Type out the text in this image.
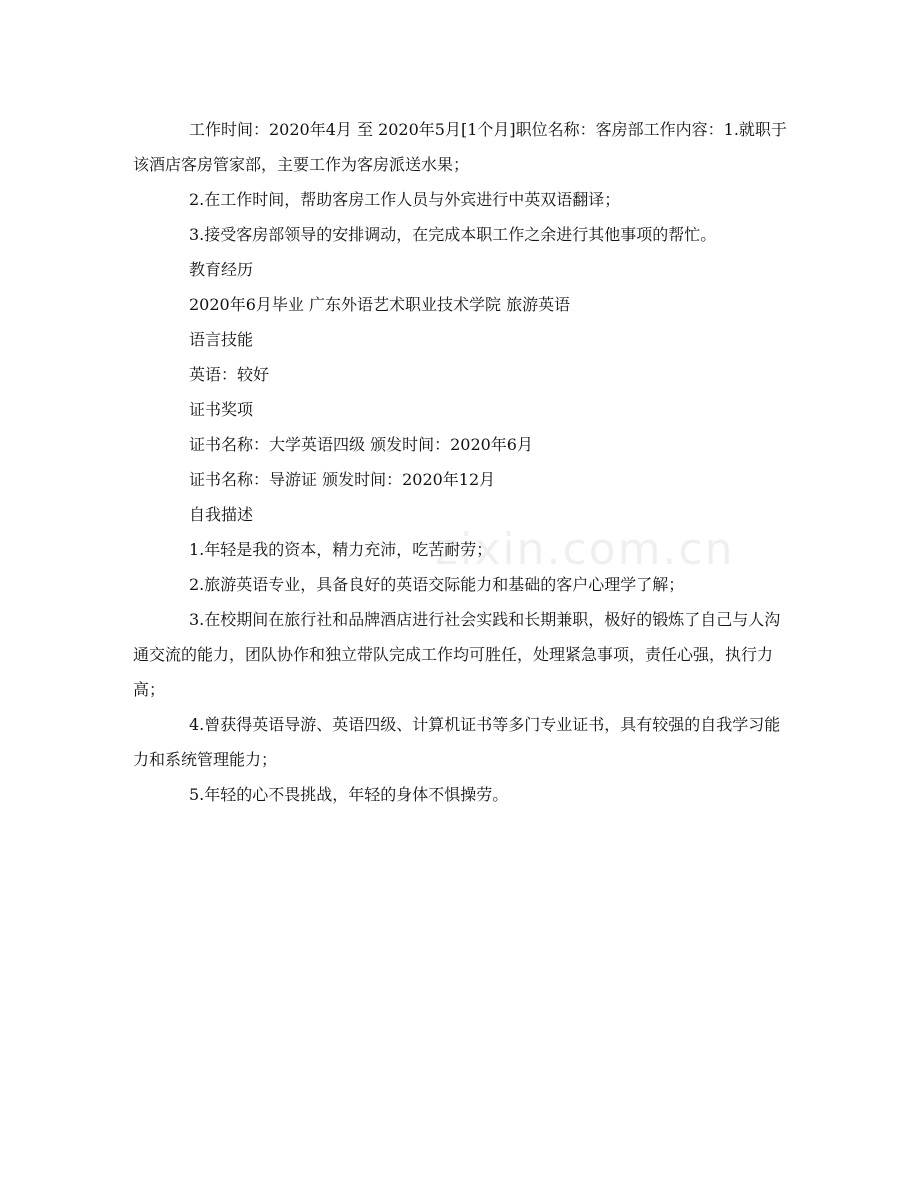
工作时间：2020年4月 至 2020年5月[1个月]职位名称：客房部工作内容：1.就职于该酒店客房管家部，主要工作为客房派送水果；

2.在工作时间，帮助客房工作人员与外宾进行中英双语翻译；

3.接受客房部领导的安排调动，在完成本职工作之余进行其他事项的帮忙。

教育经历

2020年6月毕业 广东外语艺术职业技术学院 旅游英语

语言技能

英语：较好

证书奖项

证书名称：大学英语四级 颁发时间：2020年6月

证书名称：导游证 颁发时间：2020年12月

自我描述

1.年轻是我的资本，精力充沛，吃苦耐劳；

2.旅游英语专业，具备良好的英语交际能力和基础的客户心理学了解；

3.在校期间在旅行社和品牌酒店进行社会实践和长期兼职，极好的锻炼了自己与人沟通交流的能力，团队协作和独立带队完成工作均可胜任，处理紧急事项，责任心强，执行力高；

4.曾获得英语导游、英语四级、计算机证书等多门专业证书，具有较强的自我学习能力和系统管理能力；

5.年轻的心不畏挑战，年轻的身体不惧操劳。

zixin.com.cn
